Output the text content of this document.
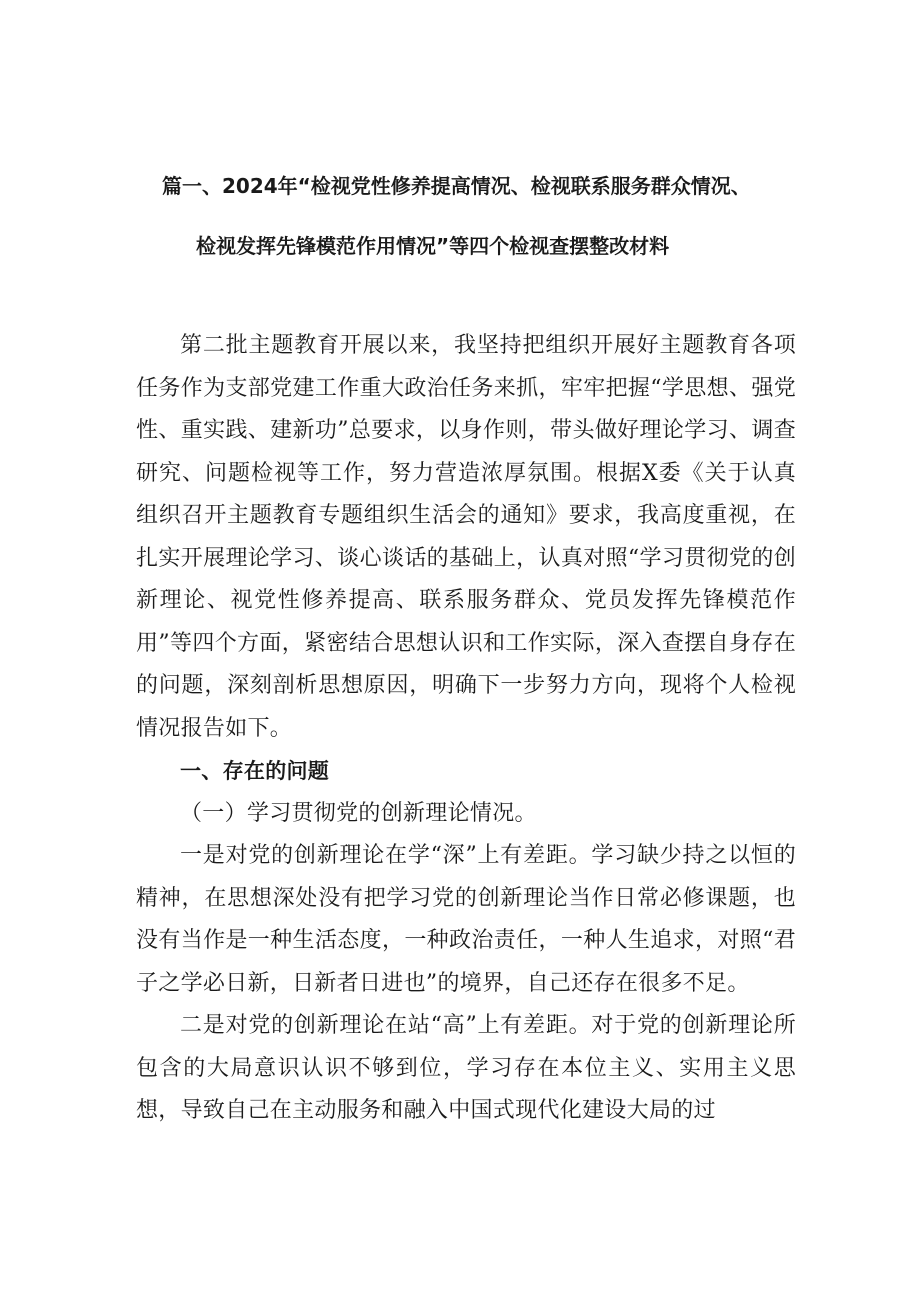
篇一、2024年“检视党性修养提高情况、检视联系服务群众情况、
检视发挥先锋模范作用情况”等四个检视查摆整改材料

第二批主题教育开展以来，我坚持把组织开展好主题教育各项任务作为支部党建工作重大政治任务来抓，牢牢把握“学思想、强党性、重实践、建新功”总要求，以身作则，带头做好理论学习、调查研究、问题检视等工作，努力营造浓厚氛围。根据X委《关于认真组织召开主题教育专题组织生活会的通知》要求，我高度重视，在扎实开展理论学习、谈心谈话的基础上，认真对照“学习贯彻党的创新理论、视党性修养提高、联系服务群众、党员发挥先锋模范作用”等四个方面，紧密结合思想认识和工作实际，深入查摆自身存在的问题，深刻剖析思想原因，明确下一步努力方向，现将个人检视情况报告如下。

一、存在的问题

（一）学习贯彻党的创新理论情况。

一是对党的创新理论在学“深”上有差距。学习缺少持之以恒的精神，在思想深处没有把学习党的创新理论当作日常必修课题，也没有当作是一种生活态度，一种政治责任，一种人生追求，对照“君子之学必日新，日新者日进也”的境界，自己还存在很多不足。

二是对党的创新理论在站“高”上有差距。对于党的创新理论所包含的大局意识认识不够到位，学习存在本位主义、实用主义思想，导致自己在主动服务和融入中国式现代化建设大局的过
